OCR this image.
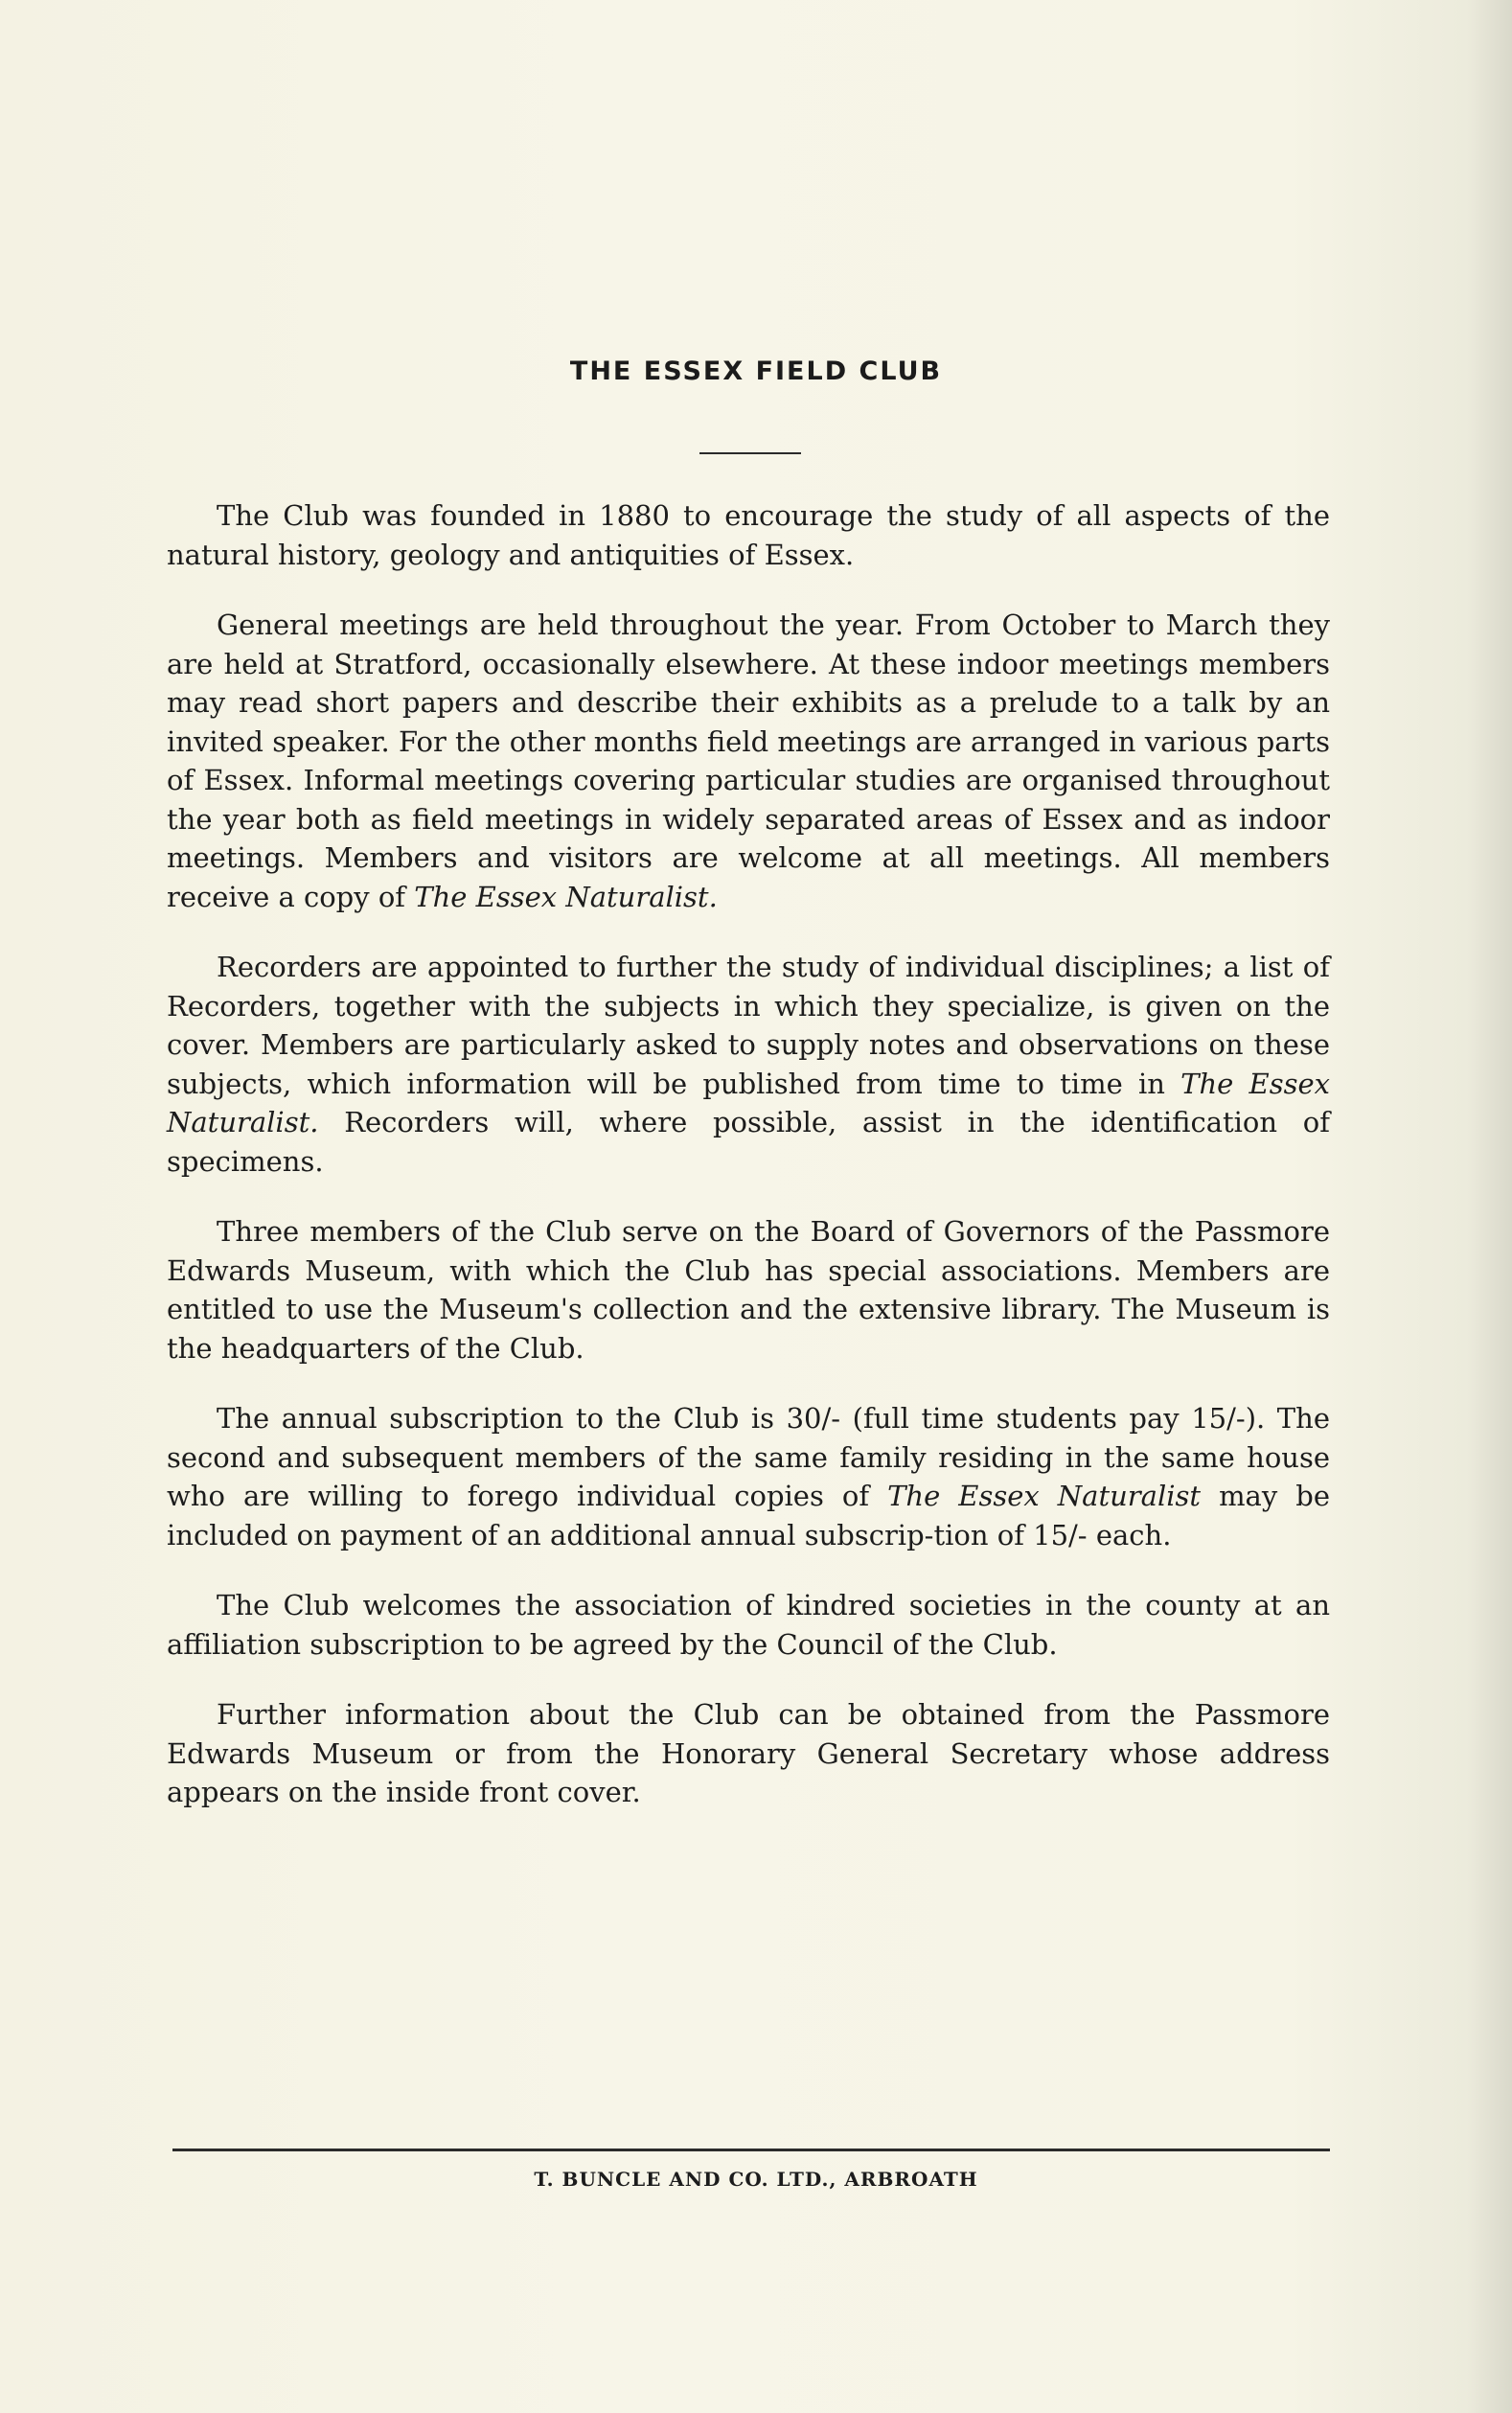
THE ESSEX FIELD CLUB

The Club was founded in 1880 to encourage the study of all aspects of the natural history, geology and antiquities of Essex.

General meetings are held throughout the year. From October to March they are held at Stratford, occasionally elsewhere. At these indoor meetings members may read short papers and describe their exhibits as a prelude to a talk by an invited speaker. For the other months field meetings are arranged in various parts of Essex. Informal meetings covering particular studies are organised throughout the year both as field meetings in widely separated areas of Essex and as indoor meetings. Members and visitors are welcome at all meetings. All members receive a copy of The Essex Naturalist.

Recorders are appointed to further the study of individual disciplines; a list of Recorders, together with the subjects in which they specialize, is given on the cover. Members are particularly asked to supply notes and observations on these subjects, which information will be published from time to time in The Essex Naturalist. Recorders will, where possible, assist in the identification of specimens.

Three members of the Club serve on the Board of Governors of the Passmore Edwards Museum, with which the Club has special associations. Members are entitled to use the Museum's collection and the extensive library. The Museum is the headquarters of the Club.

The annual subscription to the Club is 30/- (full time students pay 15/-). The second and subsequent members of the same family residing in the same house who are willing to forego individual copies of The Essex Naturalist may be included on payment of an additional annual subscrip-tion of 15/- each.

The Club welcomes the association of kindred societies in the county at an affiliation subscription to be agreed by the Council of the Club.

Further information about the Club can be obtained from the Passmore Edwards Museum or from the Honorary General Secretary whose address appears on the inside front cover.

T. BUNCLE AND CO. LTD., ARBROATH
